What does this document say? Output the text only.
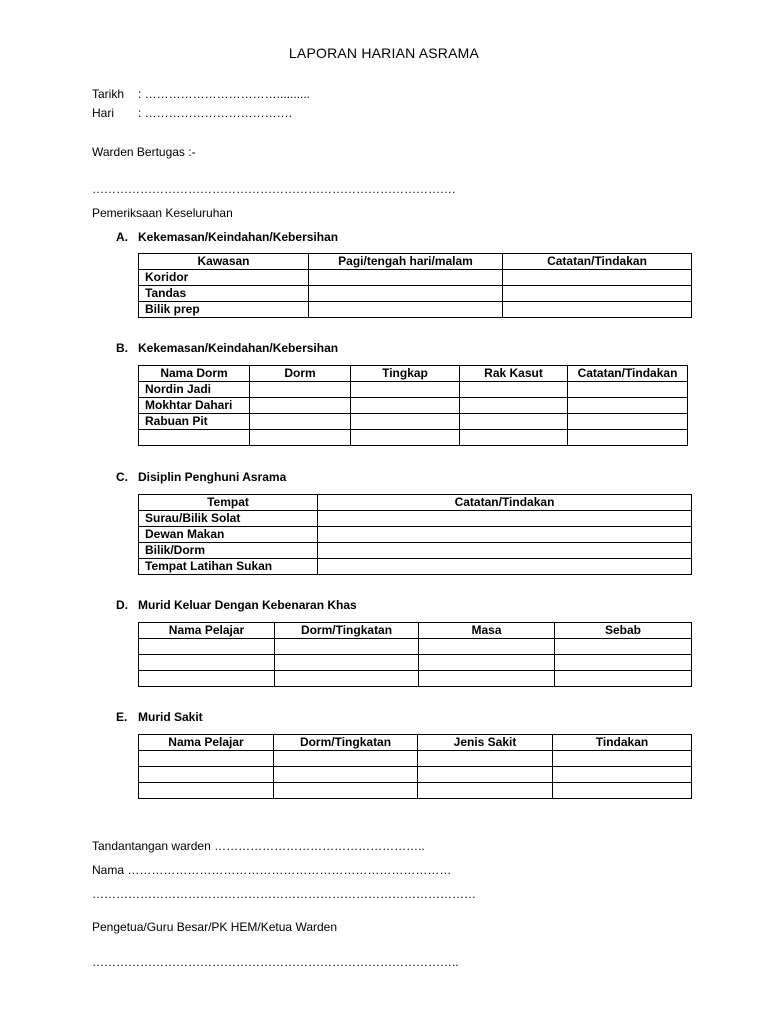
LAPORAN HARIAN ASRAMA
Tarikh : ……………………………..........
Hari : ……………………………….
Warden Bertugas :-
……………………………………………………………………………….
Pemeriksaan Keseluruhan
A. Kekemasan/Keindahan/Kebersihan
Kawasan	Pagi/tengah hari/malam	Catatan/Tindakan
Koridor		
Tandas		
Bilik prep		
B. Kekemasan/Keindahan/Kebersihan
Nama Dorm	Dorm	Tingkap	Rak Kasut	Catatan/Tindakan
Nordin Jadi				
Mokhtar Dahari				
Rabuan Pit				

C. Disiplin Penghuni Asrama
Tempat	Catatan/Tindakan
Surau/Bilik Solat	
Dewan Makan	
Bilik/Dorm	
Tempat Latihan Sukan	
D. Murid Keluar Dengan Kebenaran Khas
Nama Pelajar	Dorm/Tingkatan	Masa	Sebab

E. Murid Sakit
Nama Pelajar	Dorm/Tingkatan	Jenis Sakit	Tindakan

Tandantangan warden ……………………………………………..
Nama ………………………………………………………………………
……………………………………………………………………………………
Pengetua/Guru Besar/PK HEM/Ketua Warden
………………………………………………………………………………..
